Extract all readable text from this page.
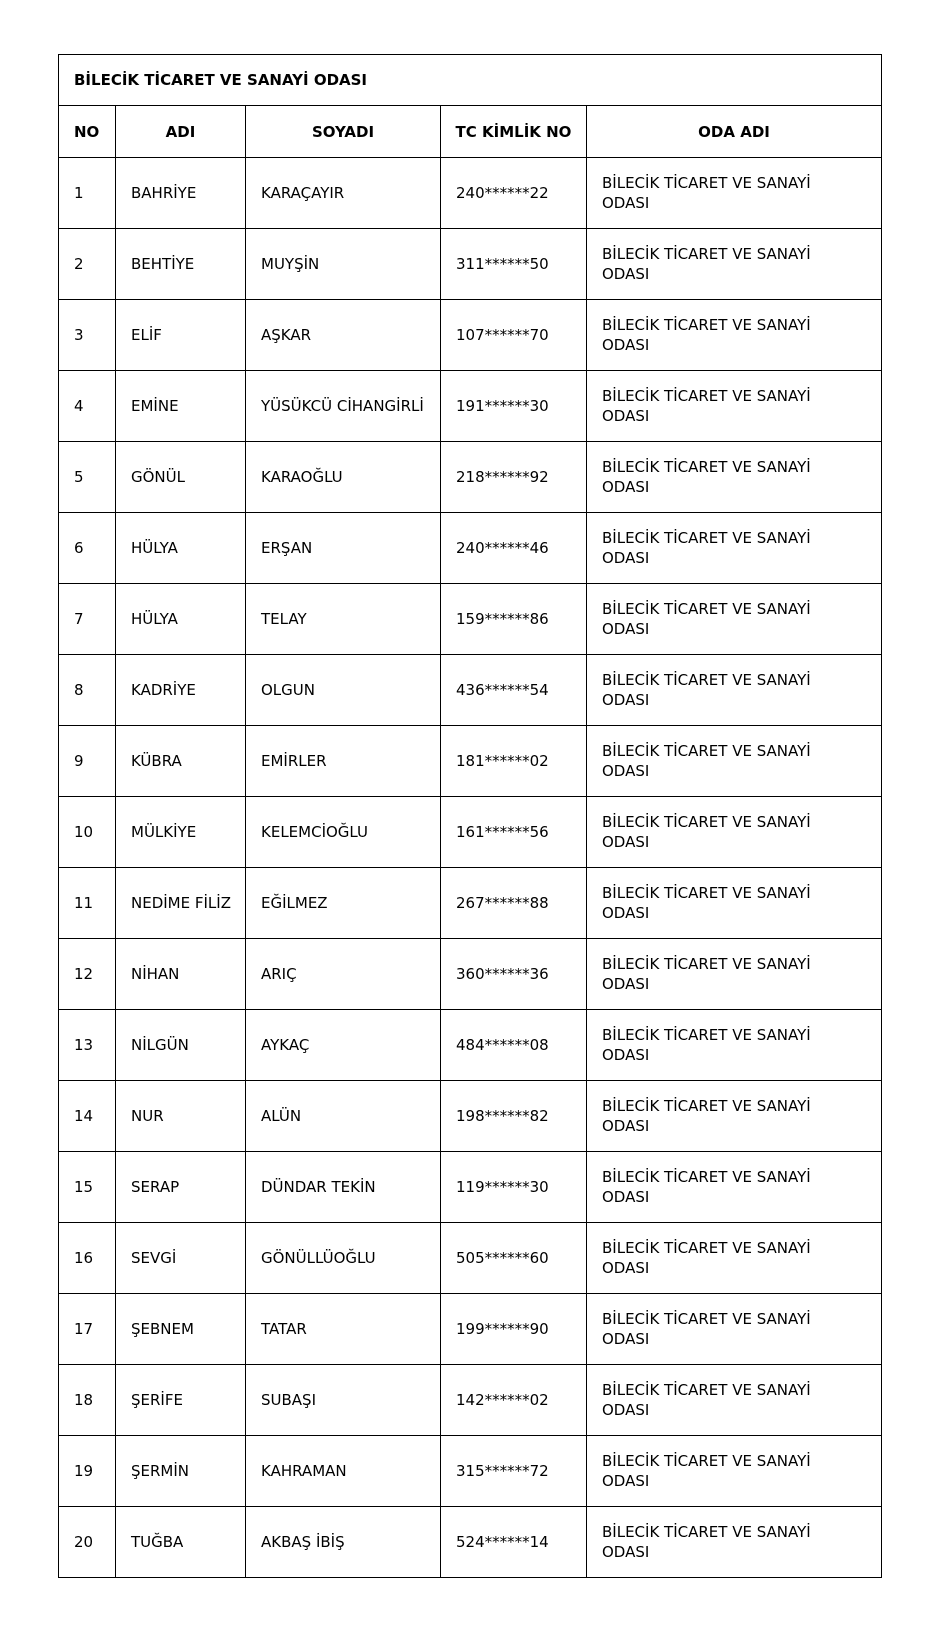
BİLECİK TİCARET VE SANAYİ ODASI				
NO	ADI	SOYADI	TC KİMLİK NO	ODA ADI
1	BAHRİYE	KARAÇAYIR	240******22	BİLECİK TİCARET VE SANAYİ ODASI
2	BEHTİYE	MUYŞİN	311******50	BİLECİK TİCARET VE SANAYİ ODASI
3	ELİF	AŞKAR	107******70	BİLECİK TİCARET VE SANAYİ ODASI
4	EMİNE	YÜSÜKCÜ CİHANGİRLİ	191******30	BİLECİK TİCARET VE SANAYİ ODASI
5	GÖNÜL	KARAOĞLU	218******92	BİLECİK TİCARET VE SANAYİ ODASI
6	HÜLYA	ERŞAN	240******46	BİLECİK TİCARET VE SANAYİ ODASI
7	HÜLYA	TELAY	159******86	BİLECİK TİCARET VE SANAYİ ODASI
8	KADRİYE	OLGUN	436******54	BİLECİK TİCARET VE SANAYİ ODASI
9	KÜBRA	EMİRLER	181******02	BİLECİK TİCARET VE SANAYİ ODASI
10	MÜLKİYE	KELEMCİOĞLU	161******56	BİLECİK TİCARET VE SANAYİ ODASI
11	NEDİME FİLİZ	EĞİLMEZ	267******88	BİLECİK TİCARET VE SANAYİ ODASI
12	NİHAN	ARIÇ	360******36	BİLECİK TİCARET VE SANAYİ ODASI
13	NİLGÜN	AYKAÇ	484******08	BİLECİK TİCARET VE SANAYİ ODASI
14	NUR	ALÜN	198******82	BİLECİK TİCARET VE SANAYİ ODASI
15	SERAP	DÜNDAR TEKİN	119******30	BİLECİK TİCARET VE SANAYİ ODASI
16	SEVGİ	GÖNÜLLÜOĞLU	505******60	BİLECİK TİCARET VE SANAYİ ODASI
17	ŞEBNEM	TATAR	199******90	BİLECİK TİCARET VE SANAYİ ODASI
18	ŞERİFE	SUBAŞI	142******02	BİLECİK TİCARET VE SANAYİ ODASI
19	ŞERMİN	KAHRAMAN	315******72	BİLECİK TİCARET VE SANAYİ ODASI
20	TUĞBA	AKBAŞ İBİŞ	524******14	BİLECİK TİCARET VE SANAYİ ODASI
